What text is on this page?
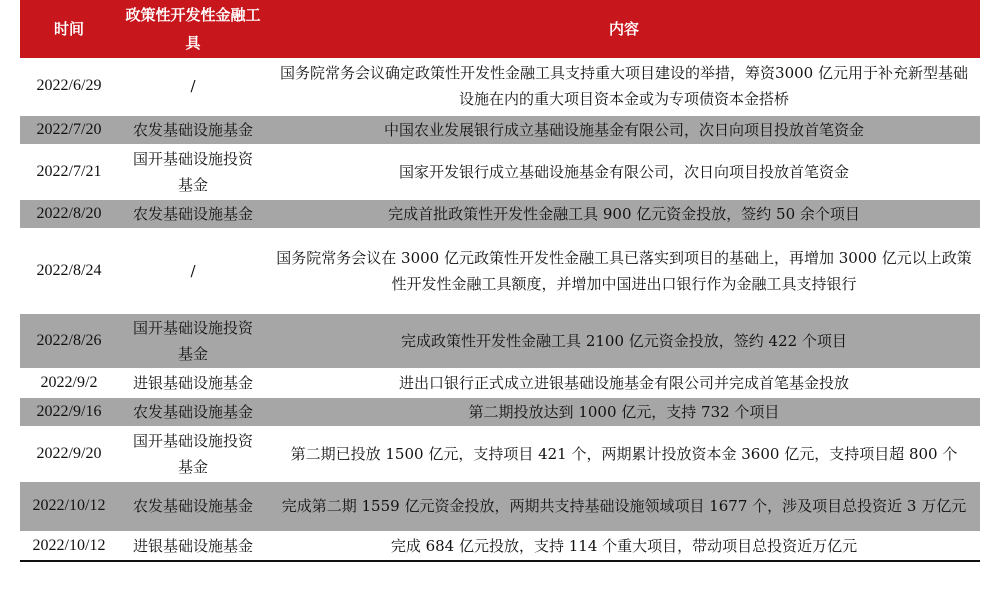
时间	政策性开发性金融工具	内容
2022/6/29	/	国务院常务会议确定政策性开发性金融工具支持重大项目建设的举措，筹资3000 亿元用于补充新型基础设施在内的重大项目资本金或为专项债资本金搭桥
2022/7/20	农发基础设施基金	中国农业发展银行成立基础设施基金有限公司，次日向项目投放首笔资金
2022/7/21	国开基础设施投资基金	国家开发银行成立基础设施基金有限公司，次日向项目投放首笔资金
2022/8/20	农发基础设施基金	完成首批政策性开发性金融工具 900 亿元资金投放，签约 50 余个项目
2022/8/24	/	国务院常务会议在 3000 亿元政策性开发性金融工具已落实到项目的基础上，再增加 3000 亿元以上政策性开发性金融工具额度，并增加中国进出口银行作为金融工具支持银行
2022/8/26	国开基础设施投资基金	完成政策性开发性金融工具 2100 亿元资金投放，签约 422 个项目
2022/9/2	进银基础设施基金	进出口银行正式成立进银基础设施基金有限公司并完成首笔基金投放
2022/9/16	农发基础设施基金	第二期投放达到 1000 亿元，支持 732 个项目
2022/9/20	国开基础设施投资基金	第二期已投放 1500 亿元，支持项目 421 个，两期累计投放资本金 3600 亿元，支持项目超 800 个
2022/10/12	农发基础设施基金	完成第二期 1559 亿元资金投放，两期共支持基础设施领域项目 1677 个，涉及项目总投资近 3 万亿元
2022/10/12	进银基础设施基金	完成 684 亿元投放，支持 114 个重大项目，带动项目总投资近万亿元
